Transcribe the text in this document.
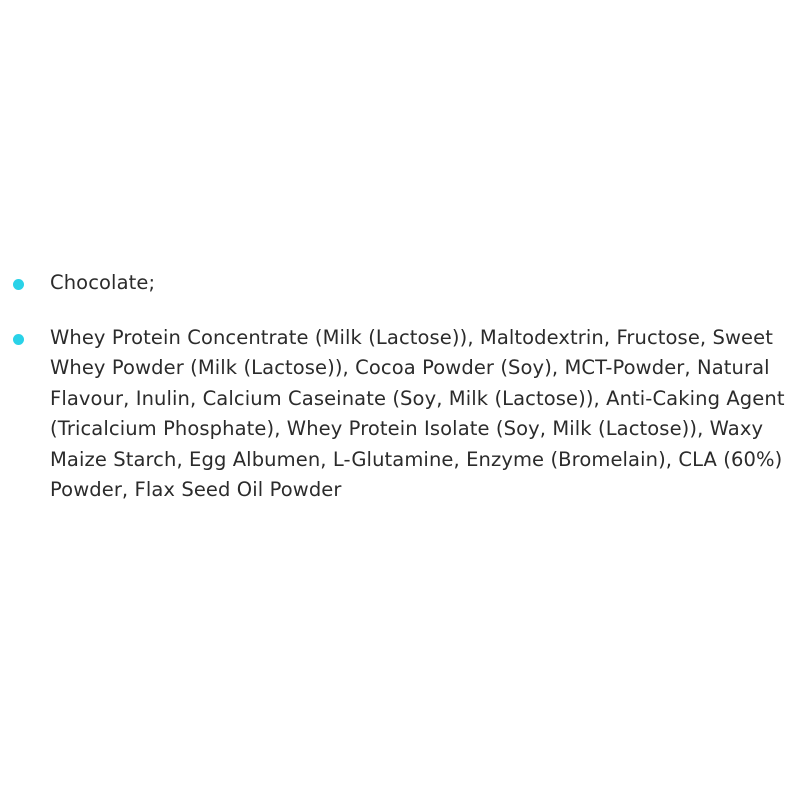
Chocolate;
Whey Protein Concentrate (Milk (Lactose)), Maltodextrin, Fructose, Sweet Whey Powder (Milk (Lactose)), Cocoa Powder (Soy), MCT-Powder, Natural Flavour, Inulin, Calcium Caseinate (Soy, Milk (Lactose)), Anti-Caking Agent (Tricalcium Phosphate), Whey Protein Isolate (Soy, Milk (Lactose)), Waxy Maize Starch, Egg Albumen, L-Glutamine, Enzyme (Bromelain), CLA (60%) Powder, Flax Seed Oil Powder
